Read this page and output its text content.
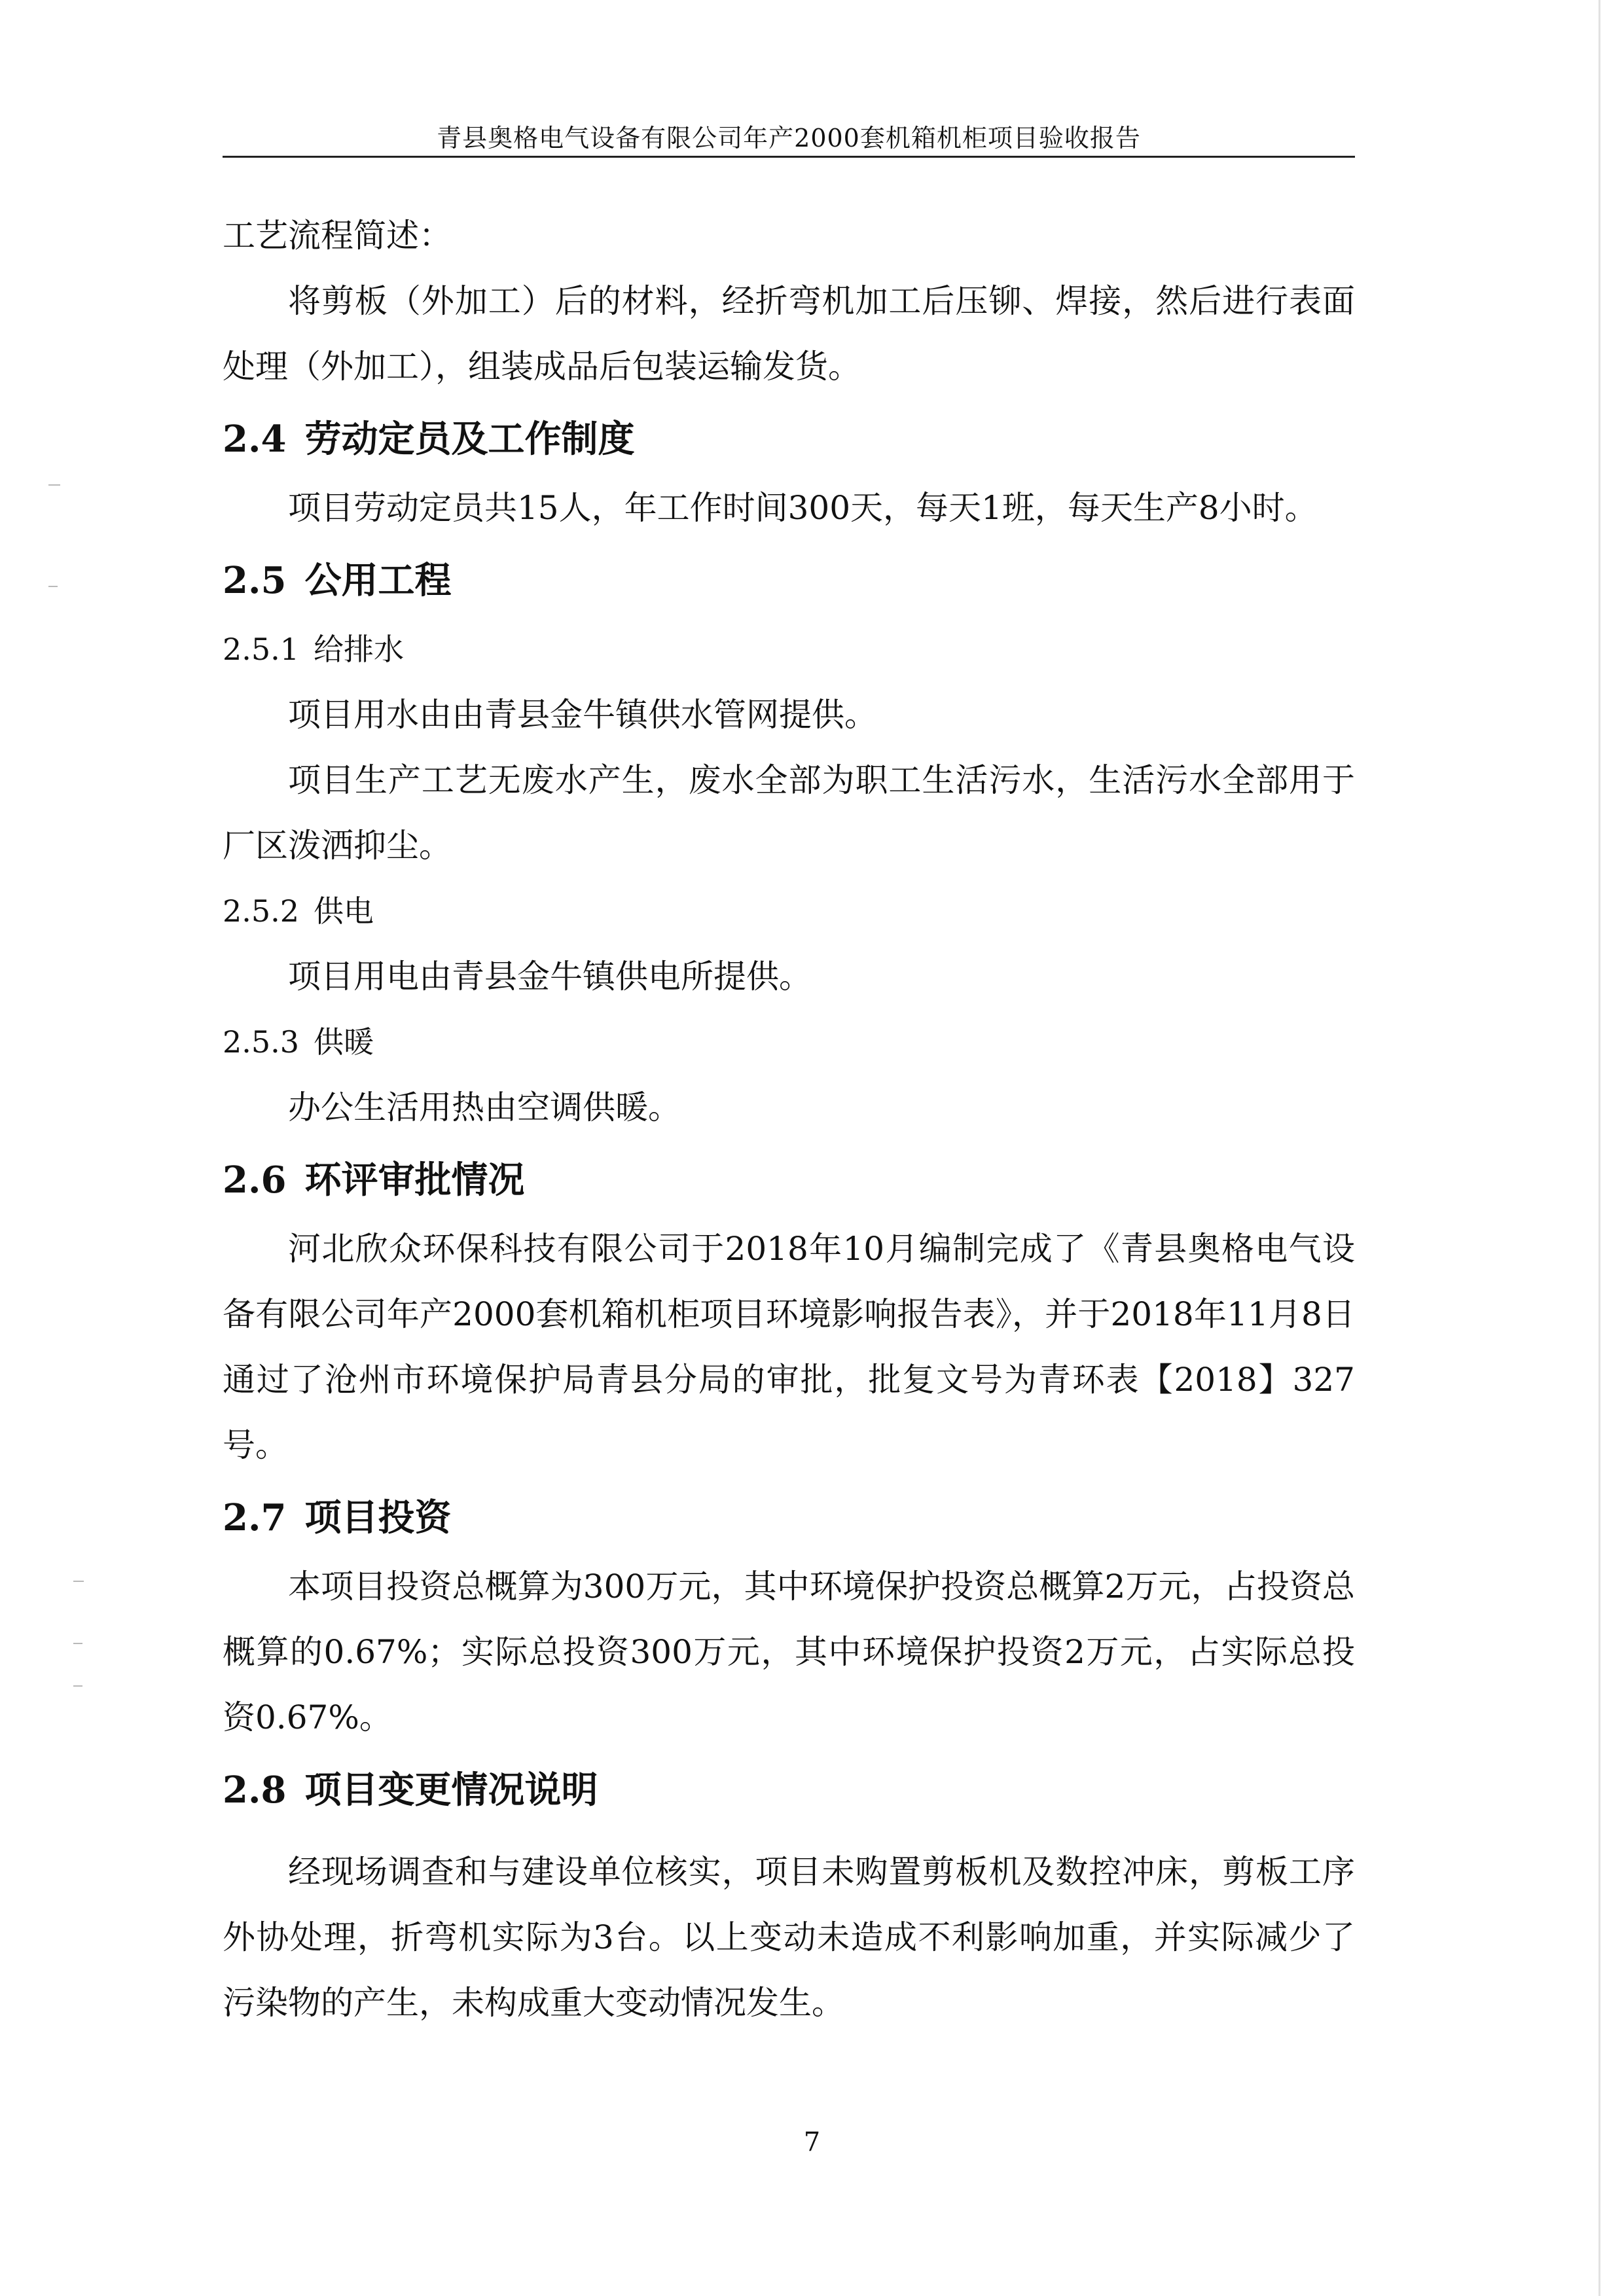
青县奥格电气设备有限公司年产2000套机箱机柜项目验收报告

工艺流程简述：

将剪板（外加工）后的材料，经折弯机加工后压铆、焊接，然后进行表面处理（外加工），组装成品后包装运输发货。

2.4 劳动定员及工作制度

项目劳动定员共15人，年工作时间300天，每天1班，每天生产8小时。

2.5 公用工程
2.5.1 给排水

项目用水由由青县金牛镇供水管网提供。

项目生产工艺无废水产生，废水全部为职工生活污水，生活污水全部用于厂区泼洒抑尘。

2.5.2 供电

项目用电由青县金牛镇供电所提供。

2.5.3 供暖

办公生活用热由空调供暖。

2.6 环评审批情况

河北欣众环保科技有限公司于2018年10月编制完成了《青县奥格电气设备有限公司年产2000套机箱机柜项目环境影响报告表》，并于2018年11月8日通过了沧州市环境保护局青县分局的审批，批复文号为青环表【2018】327号。

2.7 项目投资

本项目投资总概算为300万元，其中环境保护投资总概算2万元，占投资总概算的0.67%；实际总投资300万元，其中环境保护投资2万元，占实际总投资0.67%。

2.8 项目变更情况说明

经现场调查和与建设单位核实，项目未购置剪板机及数控冲床，剪板工序外协处理，折弯机实际为3台。以上变动未造成不利影响加重，并实际减少了污染物的产生，未构成重大变动情况发生。

7
